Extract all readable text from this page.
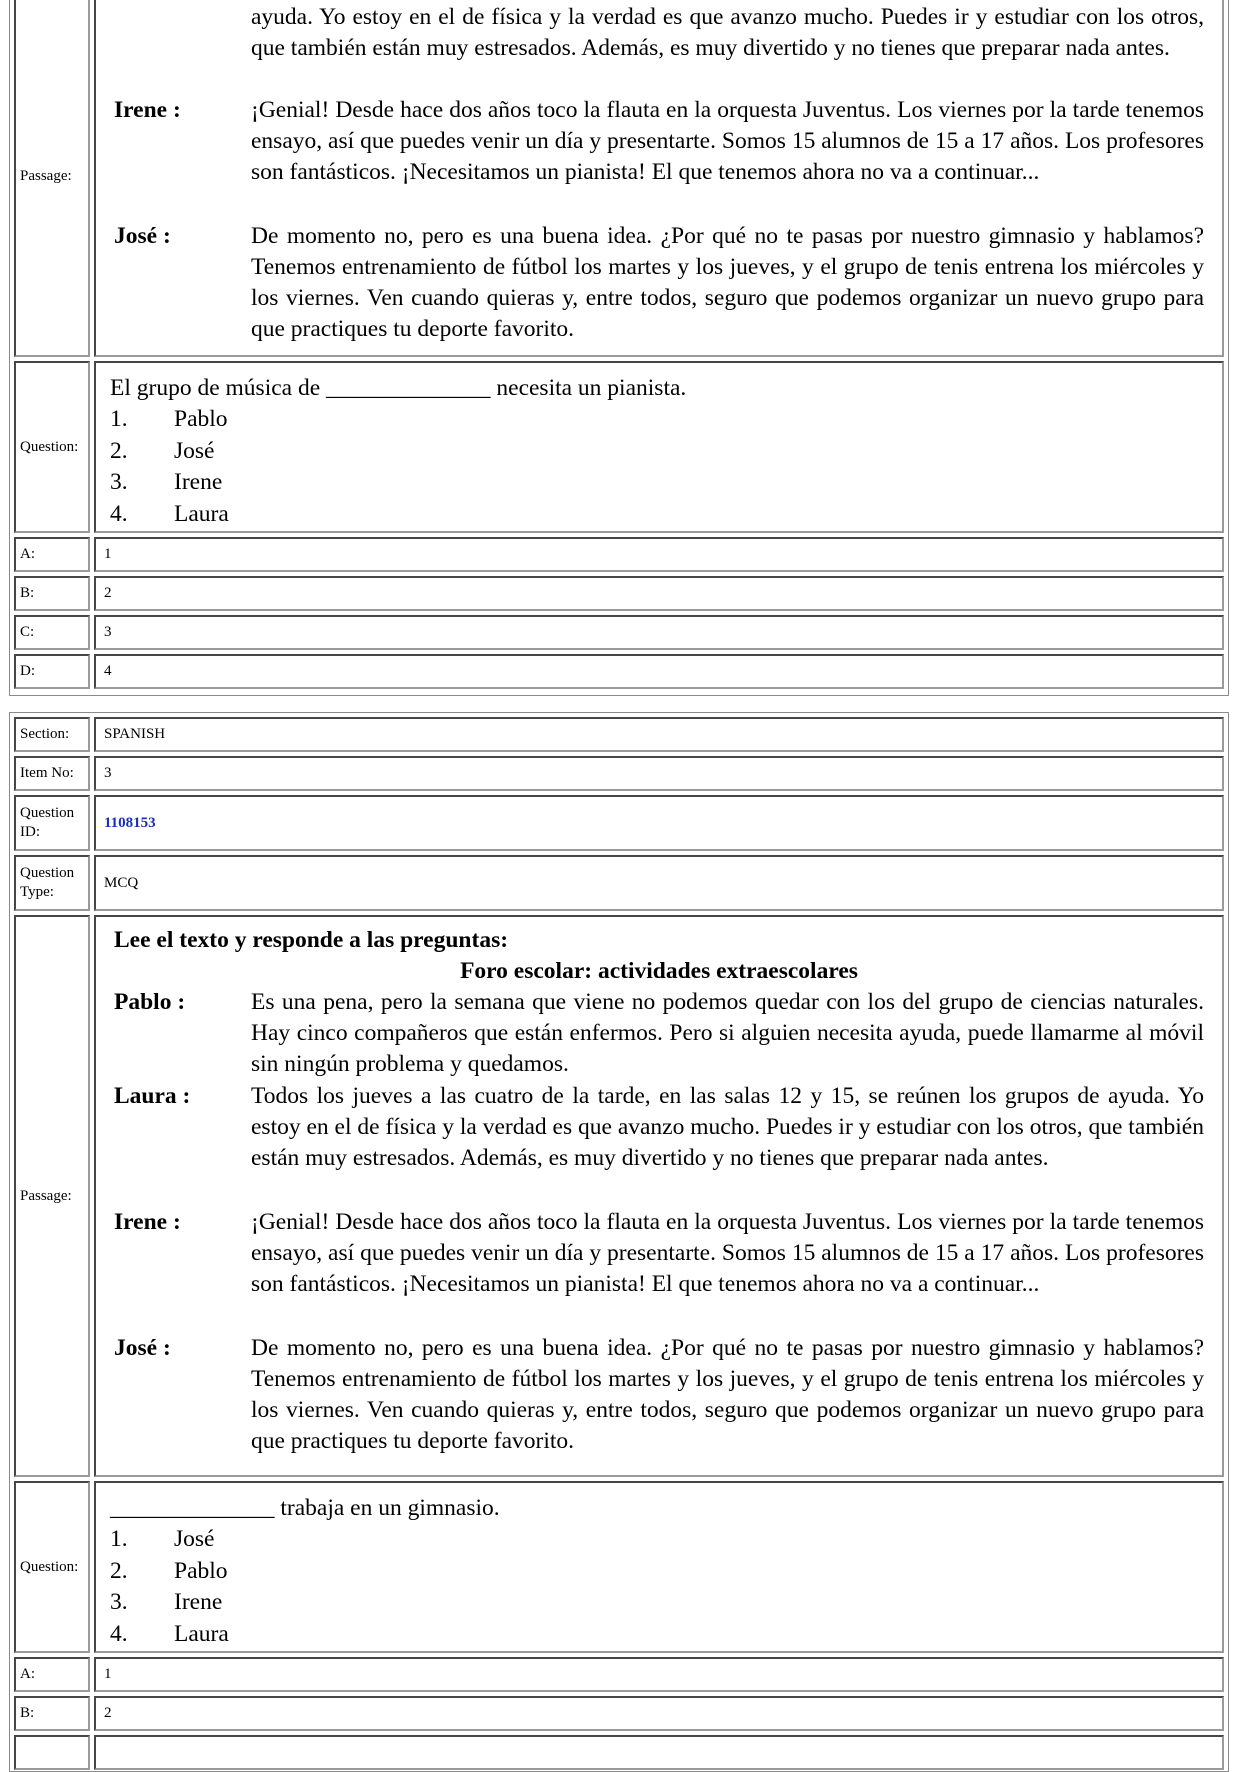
Passage:
ayuda. Yo estoy en el de física y la verdad es que avanzo mucho. Puedes ir y estudiar con los otros, que también están muy estresados. Además, es muy divertido y no tienes que preparar nada antes.
Irene :	¡Genial! Desde hace dos años toco la flauta en la orquesta Juventus. Los viernes por la tarde tenemos ensayo, así que puedes venir un día y presentarte. Somos 15 alumnos de 15 a 17 años. Los profesores son fantásticos. ¡Necesitamos un pianista! El que tenemos ahora no va a continuar...
José :	De momento no, pero es una buena idea. ¿Por qué no te pasas por nuestro gimnasio y hablamos? Tenemos entrenamiento de fútbol los martes y los jueves, y el grupo de tenis entrena los miércoles y los viernes. Ven cuando quieras y, entre todos, seguro que podemos organizar un nuevo grupo para que practiques tu deporte favorito.
Question:
El grupo de música de ______________ necesita un pianista.
1.	Pablo
2.	José
3.	Irene
4.	Laura
A:	1
B:	2
C:	3
D:	4
Section:	SPANISH
Item No:	3
Question ID:
1108153
Question Type:
MCQ
Passage:
Lee el texto y responde a las preguntas:
Foro escolar: actividades extraescolares
Pablo :	Es una pena, pero la semana que viene no podemos quedar con los del grupo de ciencias naturales. Hay cinco compañeros que están enfermos. Pero si alguien necesita ayuda, puede llamarme al móvil sin ningún problema y quedamos.
Laura :	Todos los jueves a las cuatro de la tarde, en las salas 12 y 15, se reúnen los grupos de ayuda. Yo estoy en el de física y la verdad es que avanzo mucho. Puedes ir y estudiar con los otros, que también están muy estresados. Además, es muy divertido y no tienes que preparar nada antes.
Irene :	¡Genial! Desde hace dos años toco la flauta en la orquesta Juventus. Los viernes por la tarde tenemos ensayo, así que puedes venir un día y presentarte. Somos 15 alumnos de 15 a 17 años. Los profesores son fantásticos. ¡Necesitamos un pianista! El que tenemos ahora no va a continuar...
José :	De momento no, pero es una buena idea. ¿Por qué no te pasas por nuestro gimnasio y hablamos? Tenemos entrenamiento de fútbol los martes y los jueves, y el grupo de tenis entrena los miércoles y los viernes. Ven cuando quieras y, entre todos, seguro que podemos organizar un nuevo grupo para que practiques tu deporte favorito.
Question:
______________ trabaja en un gimnasio.
1.	José
2.	Pablo
3.	Irene
4.	Laura
A:	1
B:	2
